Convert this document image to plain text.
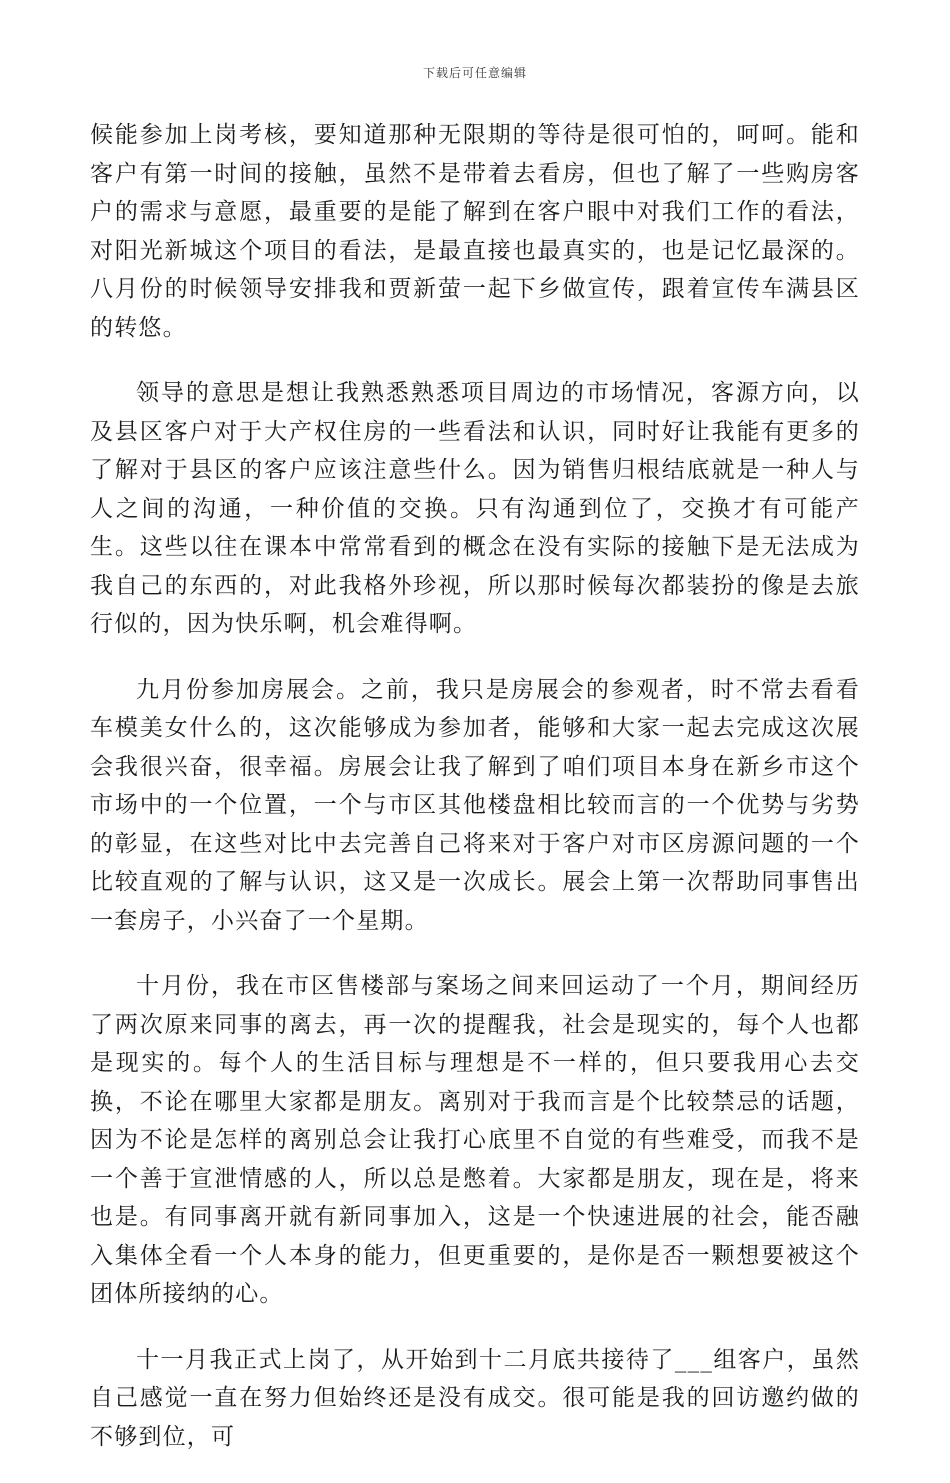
下载后可任意编辑

候能参加上岗考核，要知道那种无限期的等待是很可怕的，呵呵。能和客户有第一时间的接触，虽然不是带着去看房，但也了解了一些购房客户的需求与意愿，最重要的是能了解到在客户眼中对我们工作的看法，对阳光新城这个项目的看法，是最直接也最真实的，也是记忆最深的。八月份的时候领导安排我和贾新萤一起下乡做宣传，跟着宣传车满县区的转悠。

领导的意思是想让我熟悉熟悉项目周边的市场情况，客源方向，以及县区客户对于大产权住房的一些看法和认识，同时好让我能有更多的了解对于县区的客户应该注意些什么。因为销售归根结底就是一种人与人之间的沟通，一种价值的交换。只有沟通到位了，交换才有可能产生。这些以往在课本中常常看到的概念在没有实际的接触下是无法成为我自己的东西的，对此我格外珍视，所以那时候每次都装扮的像是去旅行似的，因为快乐啊，机会难得啊。

九月份参加房展会。之前，我只是房展会的参观者，时不常去看看车模美女什么的，这次能够成为参加者，能够和大家一起去完成这次展会我很兴奋，很幸福。房展会让我了解到了咱们项目本身在新乡市这个市场中的一个位置，一个与市区其他楼盘相比较而言的一个优势与劣势的彰显，在这些对比中去完善自己将来对于客户对市区房源问题的一个比较直观的了解与认识，这又是一次成长。展会上第一次帮助同事售出一套房子，小兴奋了一个星期。

十月份，我在市区售楼部与案场之间来回运动了一个月，期间经历了两次原来同事的离去，再一次的提醒我，社会是现实的，每个人也都是现实的。每个人的生活目标与理想是不一样的，但只要我用心去交换，不论在哪里大家都是朋友。离别对于我而言是个比较禁忌的话题，因为不论是怎样的离别总会让我打心底里不自觉的有些难受，而我不是一个善于宣泄情感的人，所以总是憋着。大家都是朋友，现在是，将来也是。有同事离开就有新同事加入，这是一个快速进展的社会，能否融入集体全看一个人本身的能力，但更重要的，是你是否一颗想要被这个团体所接纳的心。

十一月我正式上岗了，从开始到十二月底共接待了___组客户，虽然自己感觉一直在努力但始终还是没有成交。很可能是我的回访邀约做的不够到位，可
